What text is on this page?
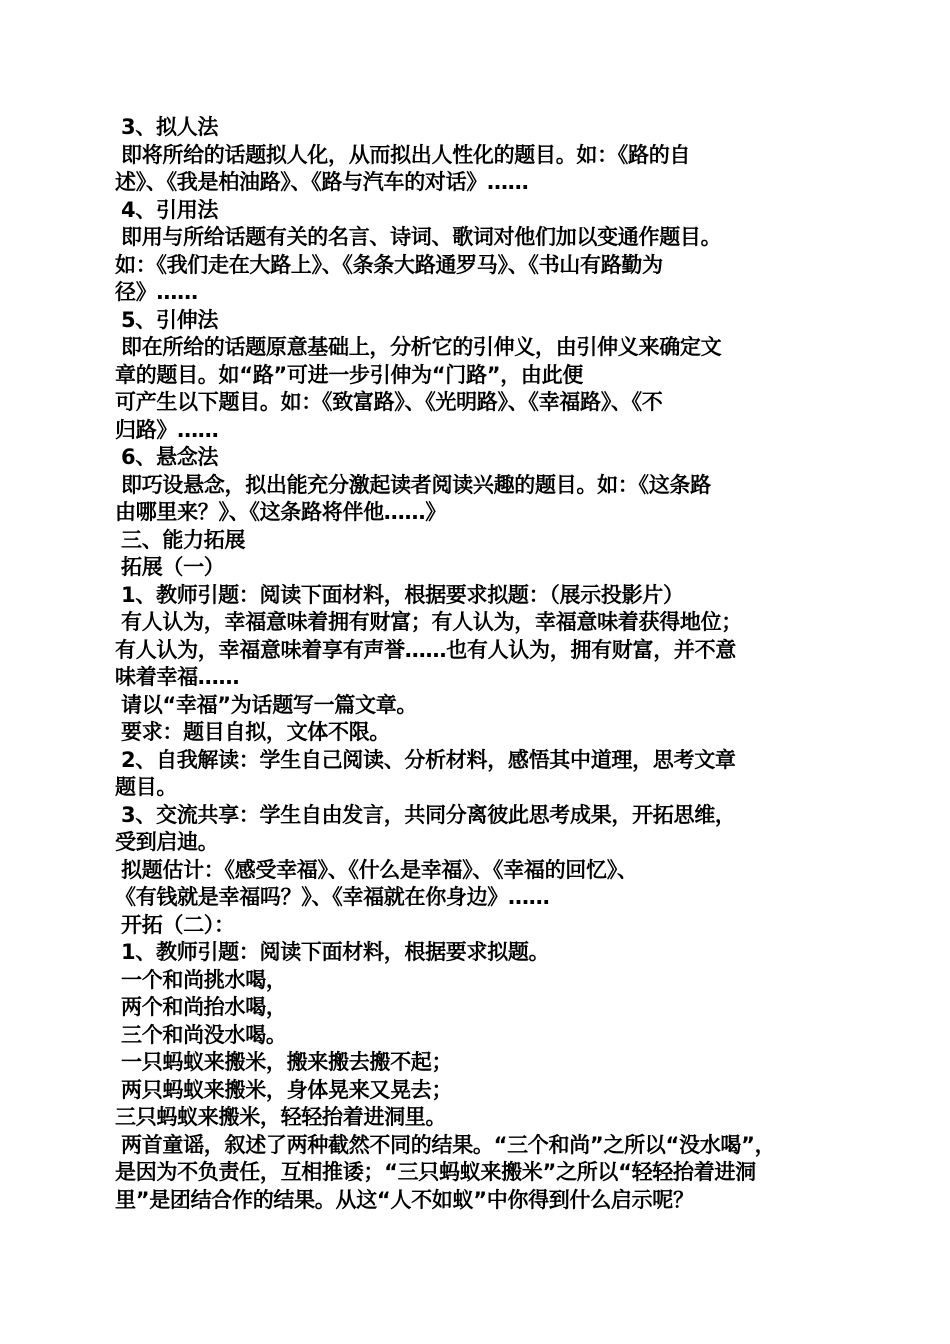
3、拟人法
即将所给的话题拟人化，从而拟出人性化的题目。如：《路的自
述》、《我是柏油路》、《路与汽车的对话》……
4、引用法
即用与所给话题有关的名言、诗词、歌词对他们加以变通作题目。
如：《我们走在大路上》、《条条大路通罗马》、《书山有路勤为
径》……
5、引伸法
即在所给的话题原意基础上，分析它的引伸义，由引伸义来确定文
章的题目。如“路”可进一步引伸为“门路”，由此便
可产生以下题目。如：《致富路》、《光明路》、《幸福路》、《不
归路》……
6、悬念法
即巧设悬念，拟出能充分激起读者阅读兴趣的题目。如：《这条路
由哪里来？》、《这条路将伴他……》
三、能力拓展
拓展（一）
1、教师引题：阅读下面材料，根据要求拟题：（展示投影片）
有人认为，幸福意味着拥有财富；有人认为，幸福意味着获得地位；
有人认为，幸福意味着享有声誉……也有人认为，拥有财富，并不意
味着幸福……
请以“幸福”为话题写一篇文章。
要求：题目自拟，文体不限。
2、自我解读：学生自己阅读、分析材料，感悟其中道理，思考文章
题目。
3、交流共享：学生自由发言，共同分离彼此思考成果，开拓思维，
受到启迪。
拟题估计：《感受幸福》、《什么是幸福》、《幸福的回忆》、
《有钱就是幸福吗？》、《幸福就在你身边》……
开拓（二）：
1、教师引题：阅读下面材料，根据要求拟题。
一个和尚挑水喝，
两个和尚抬水喝，
三个和尚没水喝。
一只蚂蚁来搬米，搬来搬去搬不起；
两只蚂蚁来搬米，身体晃来又晃去；
三只蚂蚁来搬米，轻轻抬着进洞里。
两首童谣，叙述了两种截然不同的结果。“三个和尚”之所以“没水喝”，
是因为不负责任，互相推诿；“三只蚂蚁来搬米”之所以“轻轻抬着进洞
里”是团结合作的结果。从这“人不如蚁”中你得到什么启示呢？
